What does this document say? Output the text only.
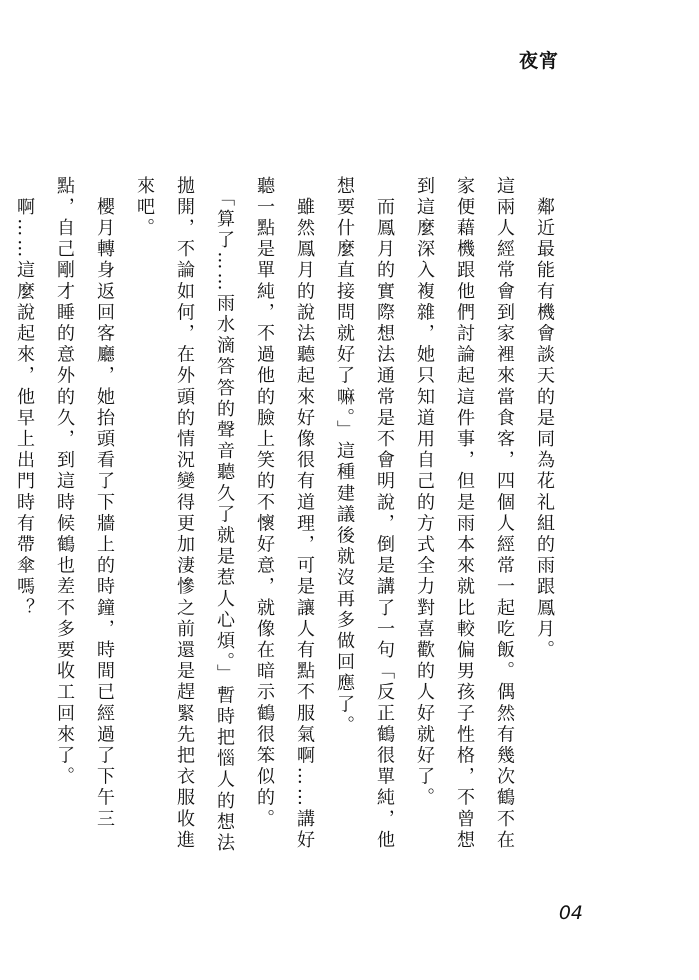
夜宵

　鄰近最能有機會談天的是同為花礼組的雨跟鳳月。

這兩人經常會到家裡來當食客，四個人經常一起吃飯。偶然有幾次鶴不在家便藉機跟他們討論起這件事，但是雨本來就比較偏男孩子性格，不曾想到這麼深入複雜，她只知道用自己的方式全力對喜歡的人好就好了。

　而鳳月的實際想法通常是不會明說，倒是講了一句「反正鶴很單純，他想要什麼直接問就好了嘛。」這種建議後就沒再多做回應了。

　雖然鳳月的說法聽起來好像很有道理，可是讓人有點不服氣啊……講好聽一點是單純，不過他的臉上笑的不懷好意，就像在暗示鶴很笨似的。

　「算了……雨水滴答答的聲音聽久了就是惹人心煩。」暫時把惱人的想法拋開，不論如何，在外頭的情況變得更加淒慘之前還是趕緊先把衣服收進來吧。

　櫻月轉身返回客廳，她抬頭看了下牆上的時鐘，時間已經過了下午三點，自己剛才睡的意外的久，到這時候鶴也差不多要收工回來了。

　啊……這麼說起來，他早上出門時有帶傘嗎？

04
